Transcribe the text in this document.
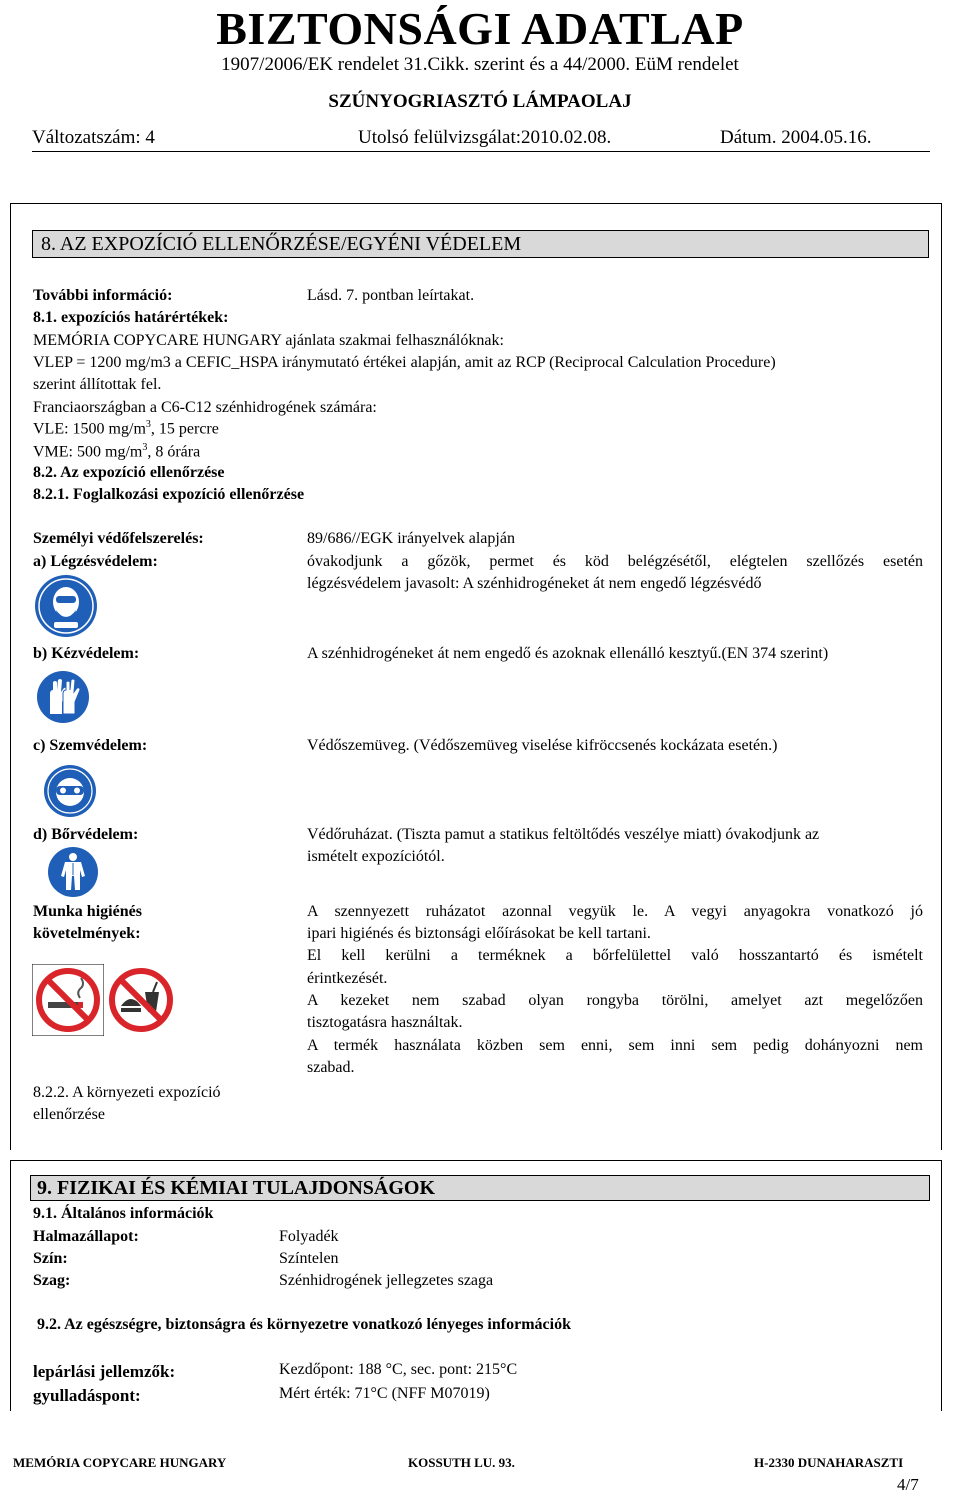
BIZTONSÁGI ADATLAP
1907/2006/EK rendelet 31.Cikk. szerint és a 44/2000. EüM rendelet
SZÚNYOGRIASZTÓ LÁMPAOLAJ
Változatszám: 4	Utolsó felülvizsgálat:2010.02.08.	Dátum. 2004.05.16.
8. AZ EXPOZÍCIÓ ELLENŐRZÉSE/EGYÉNI VÉDELEM
További információ:	Lásd. 7. pontban leírtakat.
8.1. expozíciós határértékek:
MEMÓRIA COPYCARE HUNGARY ajánlata szakmai felhasználóknak:
VLEP = 1200 mg/m3 a CEFIC_HSPA iránymutató értékei alapján, amit az RCP (Reciprocal Calculation Procedure)
szerint állítottak fel.
Franciaországban a C6-C12 szénhidrogének számára:
VLE: 1500 $mg/m^3$, 15 percre
VME: 500 $mg/m^3$, 8 órára
8.2. Az expozíció ellenőrzése
8.2.1. Foglalkozási expozíció ellenőrzése
Személyi védőfelszerelés:	89/686//EGK irányelvek alapján
a) Légzésvédelem:	óvakodjunk a gőzök, permet és köd belégzésétől, elégtelen szellőzés esetén
légzésvédelem javasolt: A szénhidrogéneket át nem engedő légzésvédő
b) Kézvédelem:	A szénhidrogéneket át nem engedő és azoknak ellenálló kesztyű.(EN 374 szerint)
c) Szemvédelem:	Védőszemüveg. (Védőszemüveg viselése kifröccsenés kockázata esetén.)
d) Bőrvédelem:	Védőruházat. (Tiszta pamut a statikus feltöltődés veszélye miatt) óvakodjunk az
ismételt expozíciótól.
Munka higiénés
követelmények:
A szennyezett ruházatot azonnal vegyük le. A vegyi anyagokra vonatkozó jó
ipari higiénés és biztonsági előírásokat be kell tartani.
El kell kerülni a terméknek a bőrfelülettel való hosszantartó és ismételt
érintkezését.
A kezeket nem szabad olyan rongyba törölni, amelyet azt megelőzően
tisztogatásra használtak.
A termék használata közben sem enni, sem inni sem pedig dohányozni nem
szabad.
8.2.2. A környezeti expozíció
ellenőrzése
9. FIZIKAI ÉS KÉMIAI TULAJDONSÁGOK
9.1. Általános információk
Halmazállapot:	Folyadék
Szín:	Színtelen
Szag:	Szénhidrogének jellegzetes szaga
9.2. Az egészségre, biztonságra és környezetre vonatkozó lényeges információk
lepárlási jellemzők:	Kezdőpont: 188 °C, sec. pont: 215°C
gyulladáspont:	Mért érték: 71°C (NFF M07019)
MEMÓRIA COPYCARE HUNGARY	KOSSUTH LU. 93.	H-2330 DUNAHARASZTI
4/7
